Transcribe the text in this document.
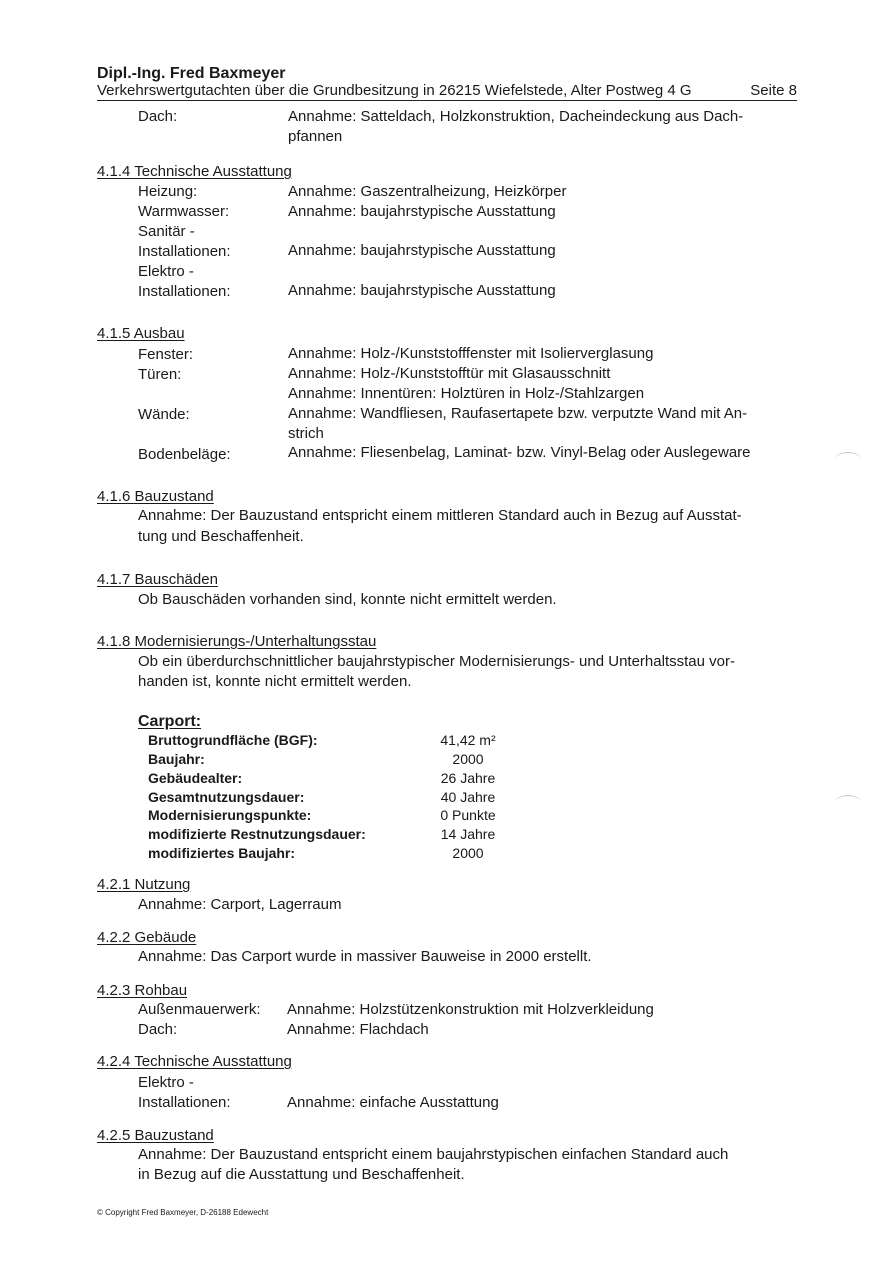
Dipl.-Ing. Fred Baxmeyer
Verkehrswertgutachten über die Grundbesitzung in 26215 Wiefelstede, Alter Postweg 4 G	Seite 8
Dach:	Annahme: Satteldach, Holzkonstruktion, Dacheindeckung aus Dach-
pfannen
4.1.4 Technische Ausstattung
Heizung:	Annahme: Gaszentralheizung, Heizkörper
Warmwasser:	Annahme: baujahrstypische Ausstattung
Sanitär -
Installationen:	Annahme: baujahrstypische Ausstattung
Elektro -
Installationen:	Annahme: baujahrstypische Ausstattung
4.1.5 Ausbau
Fenster:	Annahme: Holz-/Kunststofffenster mit Isolierverglasung
Türen:	Annahme: Holz-/Kunststofftür mit Glasausschnitt
Annahme: Innentüren: Holztüren in Holz-/Stahlzargen
Wände:	Annahme: Wandfliesen, Raufasertapete bzw. verputzte Wand mit An-
strich
Bodenbeläge:	Annahme: Fliesenbelag, Laminat- bzw. Vinyl-Belag oder Auslegeware
4.1.6 Bauzustand
Annahme: Der Bauzustand entspricht einem mittleren Standard auch in Bezug auf Ausstat-
tung und Beschaffenheit.
4.1.7 Bauschäden
Ob Bauschäden vorhanden sind, konnte nicht ermittelt werden.
4.1.8 Modernisierungs-/Unterhaltungsstau
Ob ein überdurchschnittlicher baujahrstypischer Modernisierungs- und Unterhaltsstau vor-
handen ist, konnte nicht ermittelt werden.
Carport:
Bruttogrundfläche (BGF):	41,42 m²
Baujahr:	2000
Gebäudealter:	26 Jahre
Gesamtnutzungsdauer:	40 Jahre
Modernisierungspunkte:	0 Punkte
modifizierte Restnutzungsdauer:	14 Jahre
modifiziertes Baujahr:	2000
4.2.1 Nutzung
Annahme: Carport, Lagerraum
4.2.2 Gebäude
Annahme: Das Carport wurde in massiver Bauweise in 2000 erstellt.
4.2.3 Rohbau
Außenmauerwerk: Annahme: Holzstützenkonstruktion mit Holzverkleidung
Dach:	Annahme: Flachdach
4.2.4 Technische Ausstattung
Elektro -
Installationen:	Annahme: einfache Ausstattung
4.2.5 Bauzustand
Annahme: Der Bauzustand entspricht einem baujahrstypischen einfachen Standard auch
in Bezug auf die Ausstattung und Beschaffenheit.
© Copyright Fred Baxmeyer, D-26188 Edewecht
